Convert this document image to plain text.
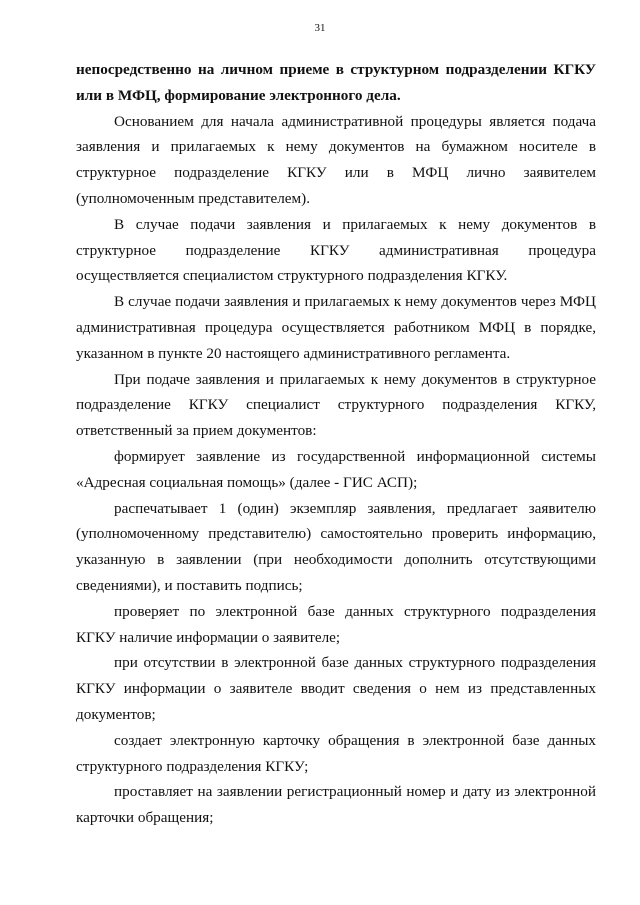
31

непосредственно на личном приеме в структурном подразделении КГКУ или в МФЦ, формирование электронного дела.

Основанием для начала административной процедуры является подача заявления и прилагаемых к нему документов на бумажном носителе в структурное подразделение КГКУ или в МФЦ лично заявителем (уполномоченным представителем).

В случае подачи заявления и прилагаемых к нему документов в структурное подразделение КГКУ административная процедура осуществляется специалистом структурного подразделения КГКУ.

В случае подачи заявления и прилагаемых к нему документов через МФЦ административная процедура осуществляется работником МФЦ в порядке, указанном в пункте 20 настоящего административного регламента.

При подаче заявления и прилагаемых к нему документов в структурное подразделение КГКУ специалист структурного подразделения КГКУ, ответственный за прием документов:

формирует заявление из государственной информационной системы «Адресная социальная помощь» (далее - ГИС АСП);

распечатывает 1 (один) экземпляр заявления, предлагает заявителю (уполномоченному представителю) самостоятельно проверить информацию, указанную в заявлении (при необходимости дополнить отсутствующими сведениями), и поставить подпись;

проверяет по электронной базе данных структурного подразделения КГКУ наличие информации о заявителе;

при отсутствии в электронной базе данных структурного подразделения КГКУ информации о заявителе вводит сведения о нем из представленных документов;

создает электронную карточку обращения в электронной базе данных структурного подразделения КГКУ;

проставляет на заявлении регистрационный номер и дату из электронной карточки обращения;
